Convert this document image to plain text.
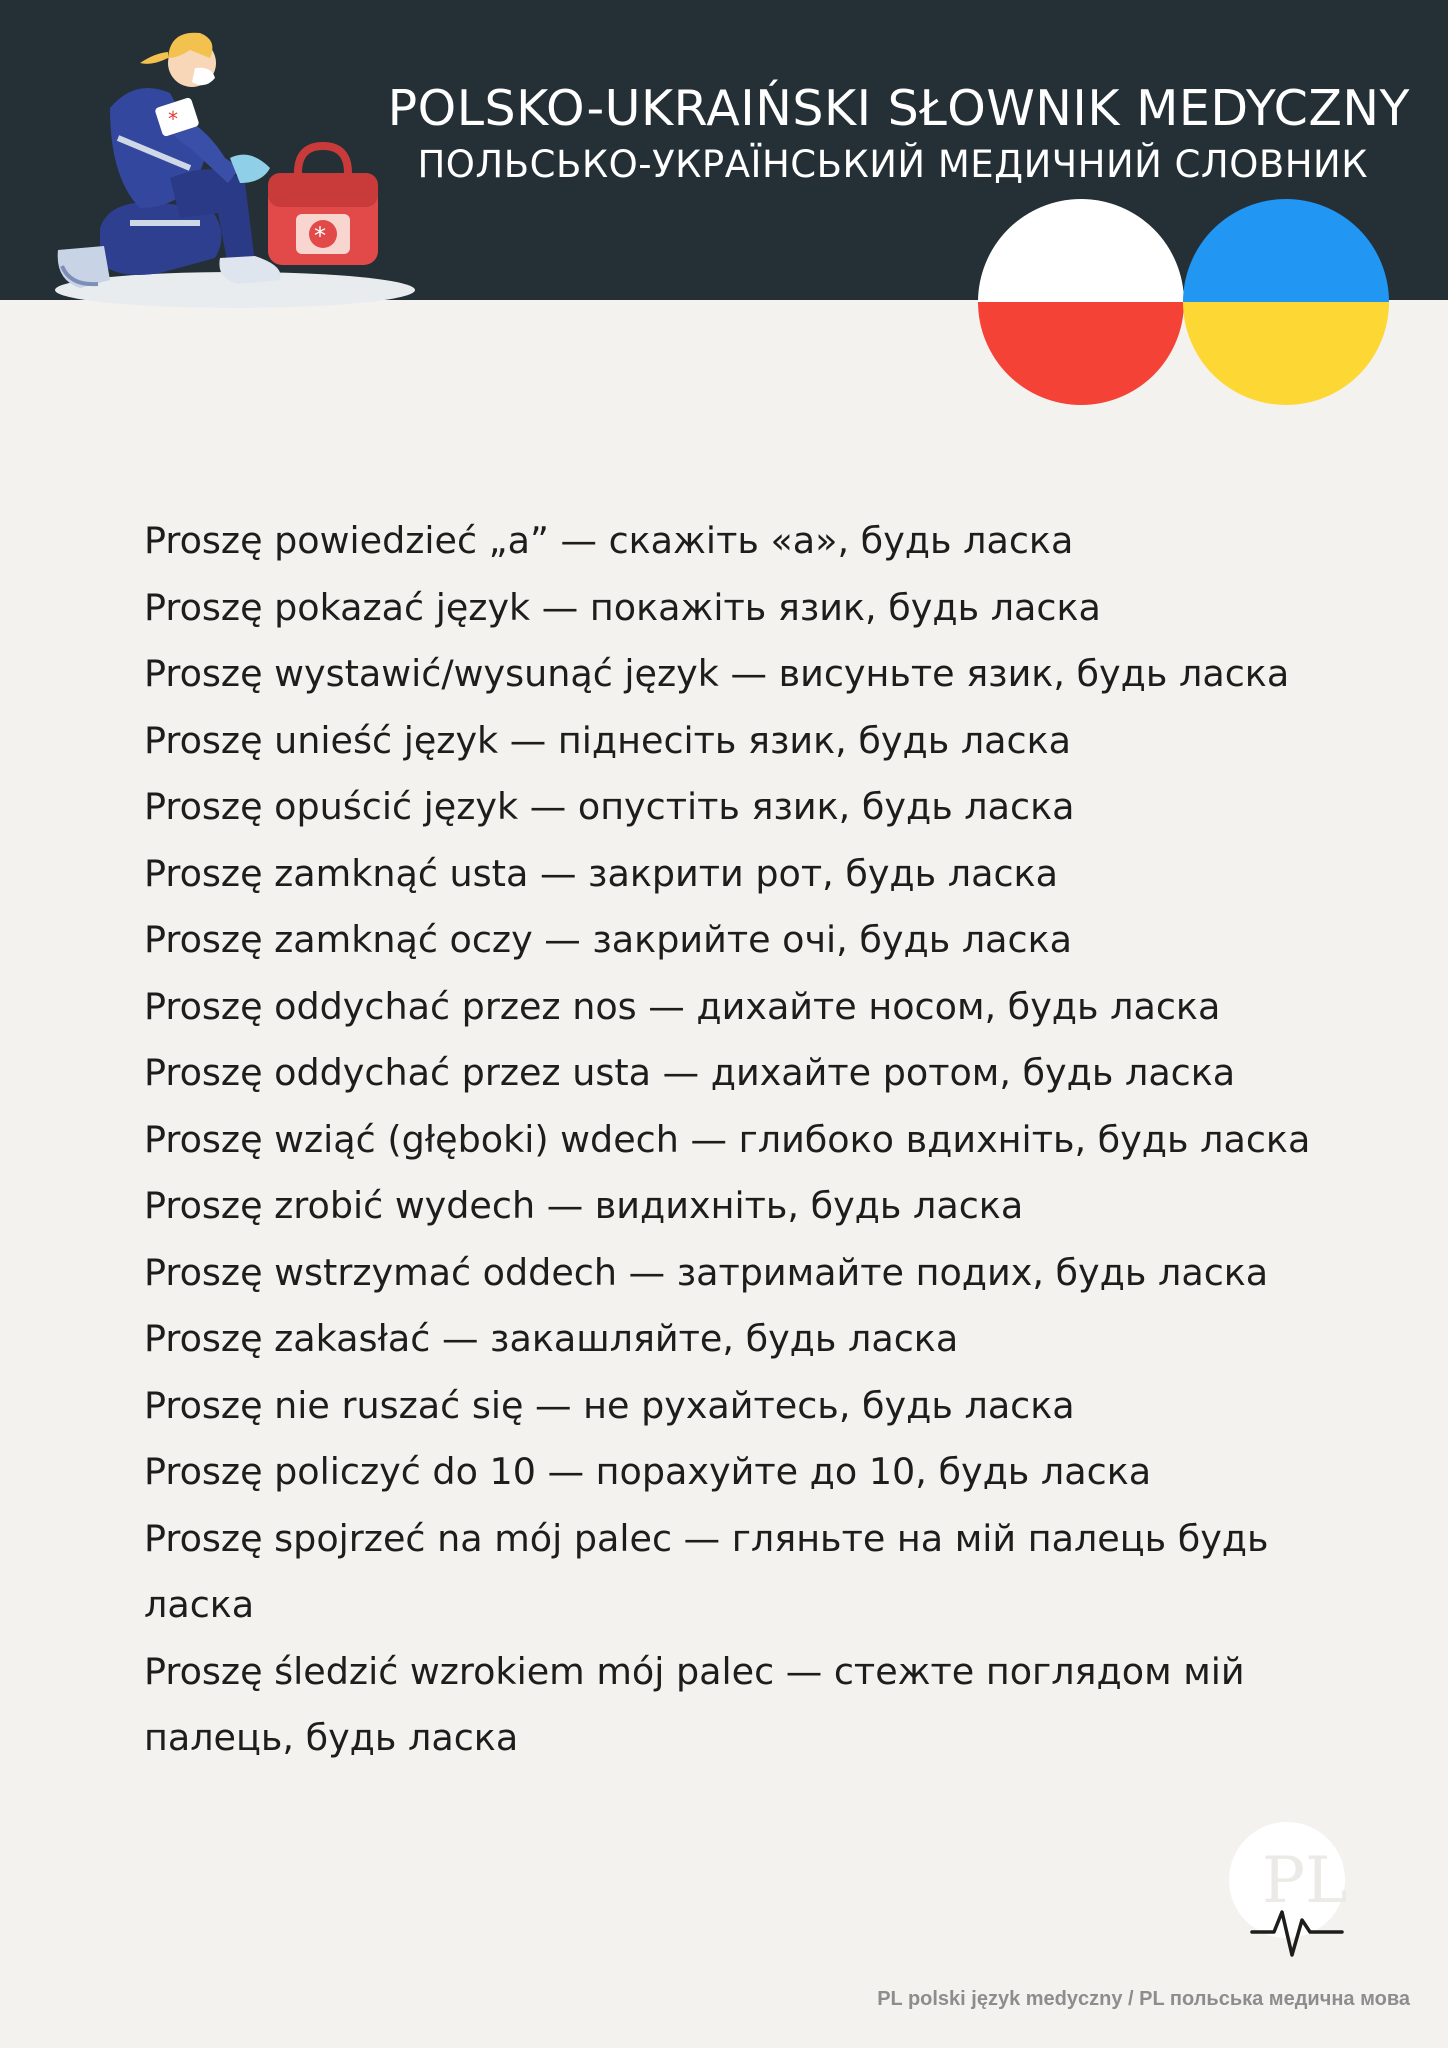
*
*
POLSKO-UKRAIŃSKI SŁOWNIK MEDYCZNY
ПОЛЬСЬКО-УКРАЇНСЬКИЙ МЕДИЧНИЙ СЛОВНИК
Proszę powiedzieć „a” — скажіть «а», будь ласка
Proszę pokazać język — покажіть язик, будь ласка
Proszę wystawić/wysunąć język — висуньте язик, будь ласка
Proszę unieść język — піднесіть язик, будь ласка
Proszę opuścić język — опустіть язик, будь ласка
Proszę zamknąć usta — закрити рот, будь ласка
Proszę zamknąć oczy — закрийте очі, будь ласка
Proszę oddychać przez nos — дихайте носом, будь ласка
Proszę oddychać przez usta — дихайте ротом, будь ласка
Proszę wziąć (głęboki) wdech — глибоко вдихніть, будь ласка
Proszę zrobić wydech — видихніть, будь ласка
Proszę wstrzymać oddech — затримайте подих, будь ласка
Proszę zakasłać — закашляйте, будь ласка
Proszę nie ruszać się — не рухайтесь, будь ласка
Proszę policzyć do 10 — порахуйте до 10, будь ласка
Proszę spojrzeć na mój palec — гляньте на мій палець будь ласка
Proszę śledzić wzrokiem mój palec — стежте поглядом мій палець, будь ласка
PL
PL polski język medyczny / PL польська медична мова
